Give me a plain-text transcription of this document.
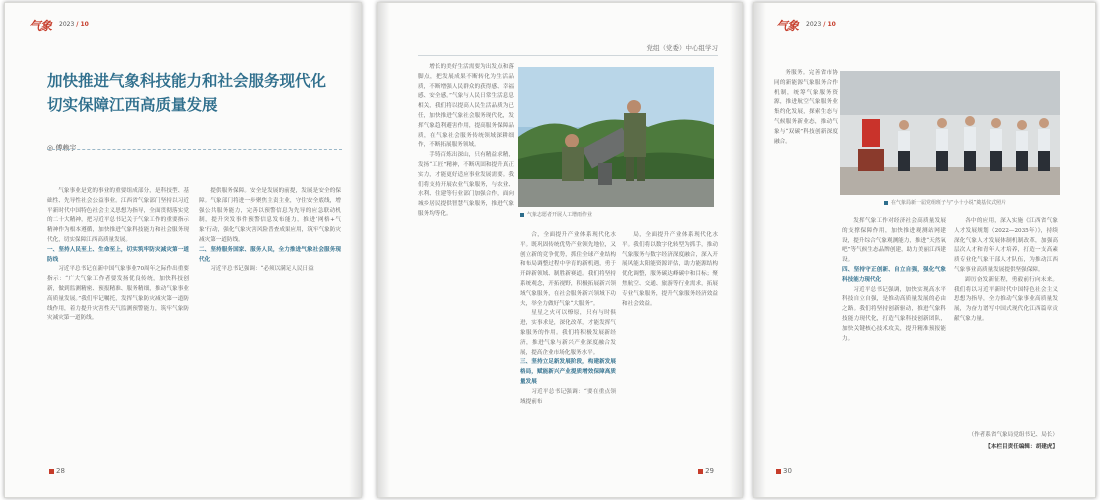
气象 2023 / 10
加快推进气象科技能力和社会服务现代化
切实保障江西高质量发展
◎ 傅赖宇

气象事业是党的事业的重要组成部分，是科技型、基础性、先导性社会公益事业。江西省气象部门坚持以习近平新时代中国特色社会主义思想为指导，全面贯彻落实党的二十大精神，把习近平总书记关于气象工作的重要指示精神作为根本遵循，加快推进气象科技能力和社会服务现代化，切实保障江西高质量发展。

一、坚持人民至上、生命至上，切实筑牢防灾减灾第一道防线

习近平总书记在新中国气象事业70周年之际作出重要指示：“广大气象工作者要发扬优良传统，加快科技创新，做到监测精密、预报精准、服务精细，推动气象事业高质量发展。”我们牢记嘱托，发挥气象防灾减灾第一道防线作用，着力提升灾害性天气监测预警能力，筑牢气象防灾减灾第一道防线。

提供服务保障。安全是发展的前提，发展是安全的保障。气象部门将进一步聚焦主责主业，守住安全底线，增强公共服务能力，完善以预警信息为先导的应急联动机制，提升突发事件预警信息发布能力，推进‘网格+气象’行动，强化气象灾害风险普查成果应用，筑牢气象防灾减灾第一道防线。

二、坚持服务国家、服务人民，全力推进气象社会服务现代化

习近平总书记强调：“必须以满足人民日益

28
党组（党委）中心组学习

增长的美好生活需要为出发点和落脚点，把发展成果不断转化为生活品质，不断增强人民群众的获得感、幸福感、安全感。”气象与人民日常生活息息相关，我们将以提高人民生活品质为已任，加快推进气象社会服务现代化，发挥气象趋利避害作用，提高服务保障品质，在气象社会服务传统领域深耕细作，不断拓展服务领域。

手铸百炼出深山，只有精益求精，发扬“工匠”精神，不断巩固和提升真正实力，才能更好适应事业发展需要。我们将支持开展农业气象服务，与农业、水利、住建等行业部门加强合作，面向城乡居民提供智慧气象服务，推进气象服务均等化。	气象志愿者开展人工增雨作业

合，全面提升产业体系现代化水平。既巩固传统优势产业领先地位，又创立新的竞争优势，抓住全球产业结构和布局调整过程中孕育的新机遇，勇于开辟新领域、制胜新赛道。我们将坚持系统观念，开拓视野，积极拓展新兴领域气象服务，在社会服务新兴领域下功夫，举全力做好气象“大服务”。

星星之火可以燎原，只有与时俱进，实事求是，深化改革，才能发挥气象服务的作用。我们将积极发展新经济，推进气象与新兴产业深度融合发展，提高企业市场化服务水平。

三、坚持立足新发展阶段，构建新发展格局，赋能新兴产业提质增效保障高质量发展

习近平总书记强调：“要在重点领域提前布

局，全面提升产业体系现代化水平。我们将以数字化转型为抓手，推动气象服务与数字经济深度融合，深入开展风能太阳能资源评估，助力能源结构优化调整，服务碳达峰碳中和目标；聚焦航空、交通、旅游等行业需求，拓展专业气象服务，提升气象服务经济效益和社会效益。

29
气象 2023 / 10

务服务。完善省市协同的新能源气象服务合作机制，统筹气象服务资源，推进航空气象服务业集约化发展，探索生态与气候服务新业态，推动气象与“双碳”科技创新深度融合。

在气象局新一届党组班子与“小十小说”奠基仪式照片

发挥气象工作对经济社会高质量发展的支撑保障作用，加快推进观测站网建设，提升综合气象观测能力，推进“天然氧吧”等气候生态品牌创建，助力美丽江西建设。

四、坚持守正创新、自立自强，强化气象科技能力现代化

习近平总书记强调，加快实现高水平科技自立自强，是推动高质量发展的必由之路。我们将坚持创新驱动，推进气象科技能力现代化，打造气象科技创新团队，加快关键核心技术攻关，提升精准预报能力。

各中的应用，深入实施《江西省气象人才发展规划（2022—2035年）》，持续深化气象人才发展体制机制改革，加强高层次人才和青年人才培养，打造一支高素质专业化气象干部人才队伍，为推动江西气象事业高质量发展提供坚强保障。

踔厉奋发新征程，勇毅前行向未来。我们将以习近平新时代中国特色社会主义思想为指导，全力推动气象事业高质量发展，为奋力谱写中国式现代化江西篇章贡献气象力量。

（作者系省气象局党组书记、局长）
【本栏目责任编辑：胡建虎】
30
